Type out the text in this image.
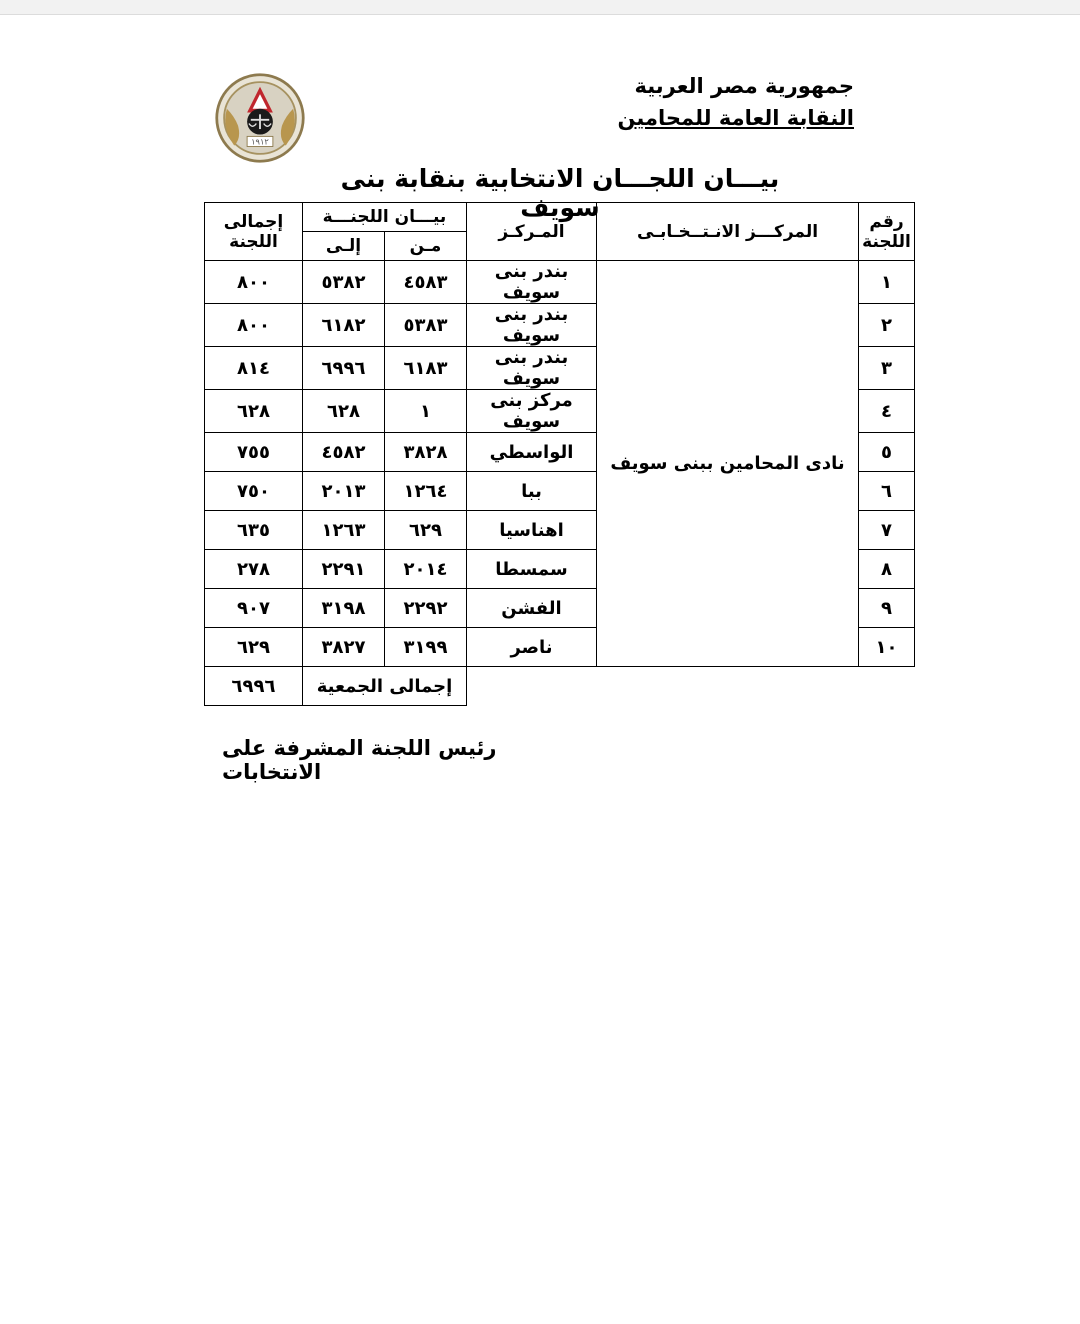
جمهورية مصر العربية
النقابة العامة للمحامين
١٩١٢
بيـــان اللجـــان الانتخابية بنقابة بنى سويف	رقم اللجنة	المركـــز الانـتــخـابـى	المـركـز	بيـــان اللجنـــة		إجمالى اللجنة
			مـن	إلـى	
١	نادى المحامين ببنى سويف	بندر بنى سويف	٤٥٨٣	٥٣٨٢	٨٠٠
٢		بندر بنى سويف	٥٣٨٣	٦١٨٢	٨٠٠
٣		بندر بنى سويف	٦١٨٣	٦٩٩٦	٨١٤
٤		مركز بنى سويف	١	٦٢٨	٦٢٨
٥		الواسطي	٣٨٢٨	٤٥٨٢	٧٥٥
٦		ببا	١٢٦٤	٢٠١٣	٧٥٠
٧		اهناسيا	٦٢٩	١٢٦٣	٦٣٥
٨		سمسطا	٢٠١٤	٢٢٩١	٢٧٨
٩		الفشن	٢٢٩٢	٣١٩٨	٩٠٧
١٠		ناصر	٣١٩٩	٣٨٢٧	٦٢٩
			إجمالى الجمعية		٦٩٩٦
رئيس اللجنة المشرفة على الانتخابات
